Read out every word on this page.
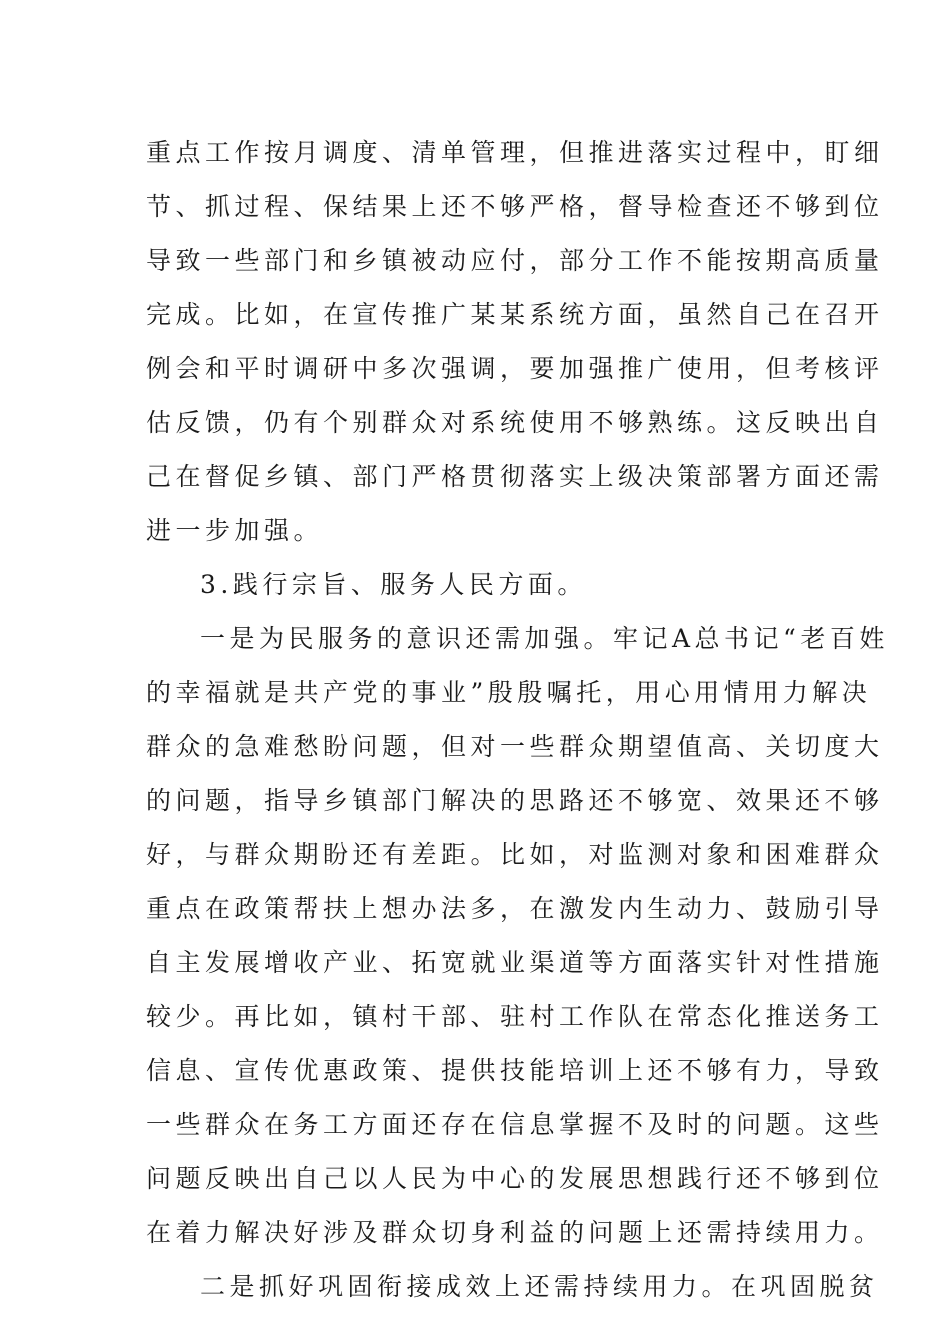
重点工作按月调度、清单管理，但推进落实过程中，盯细
节、抓过程、保结果上还不够严格，督导检查还不够到位
导致一些部门和乡镇被动应付，部分工作不能按期高质量
完成。比如，在宣传推广某某系统方面，虽然自己在召开
例会和平时调研中多次强调，要加强推广使用，但考核评
估反馈，仍有个别群众对系统使用不够熟练。这反映出自
己在督促乡镇、部门严格贯彻落实上级决策部署方面还需
进一步加强。
3.践行宗旨、服务人民方面。
一是为民服务的意识还需加强。牢记A总书记“老百姓
的幸福就是共产党的事业”殷殷嘱托，用心用情用力解决
群众的急难愁盼问题，但对一些群众期望值高、关切度大
的问题，指导乡镇部门解决的思路还不够宽、效果还不够
好，与群众期盼还有差距。比如，对监测对象和困难群众
重点在政策帮扶上想办法多，在激发内生动力、鼓励引导
自主发展增收产业、拓宽就业渠道等方面落实针对性措施
较少。再比如，镇村干部、驻村工作队在常态化推送务工
信息、宣传优惠政策、提供技能培训上还不够有力，导致
一些群众在务工方面还存在信息掌握不及时的问题。这些
问题反映出自己以人民为中心的发展思想践行还不够到位
在着力解决好涉及群众切身利益的问题上还需持续用力。
二是抓好巩固衔接成效上还需持续用力。在巩固脱贫
